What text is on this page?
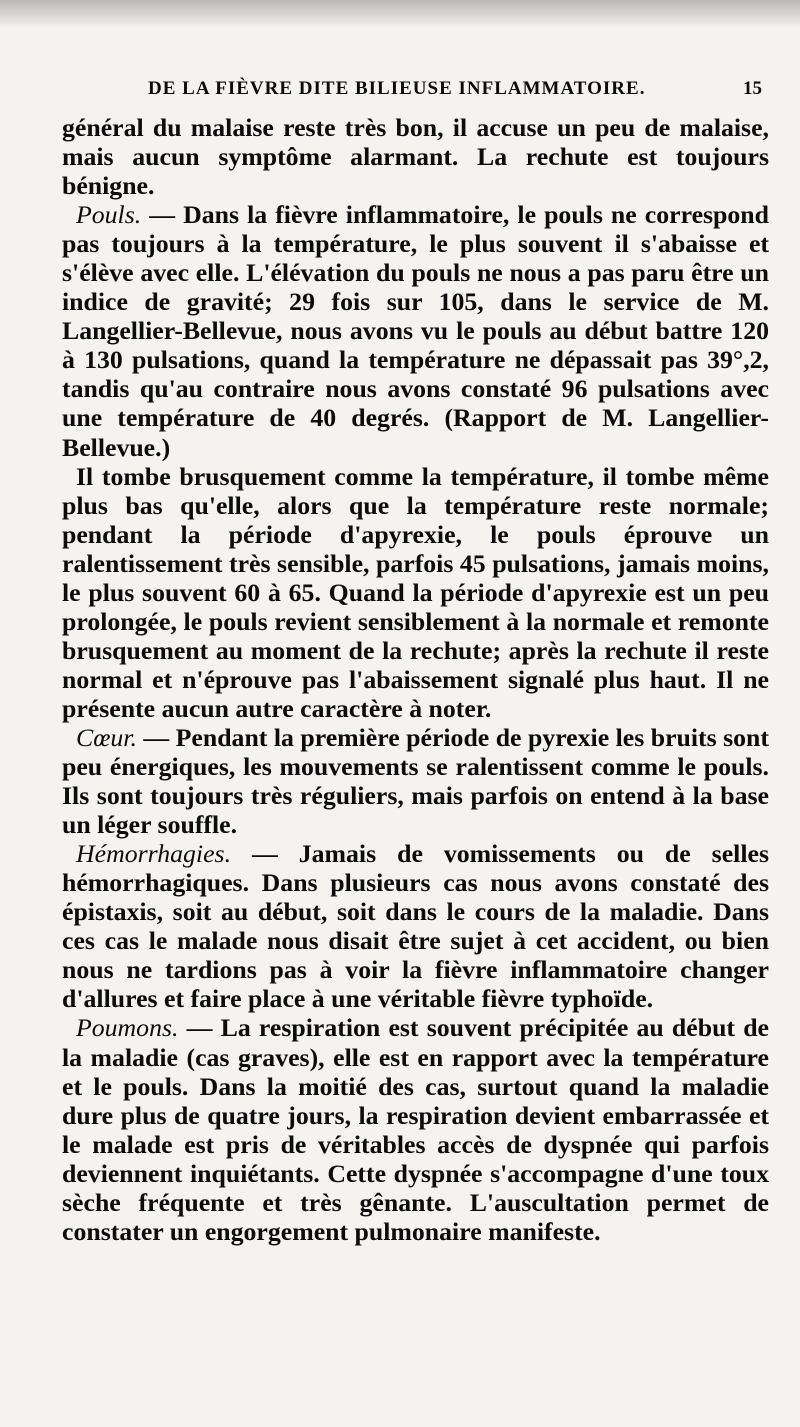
DE LA FIÈVRE DITE BILIEUSE INFLAMMATOIRE.	15

général du malaise reste très bon, il accuse un peu de malaise, mais aucun symptôme alarmant. La rechute est toujours bénigne.

Pouls. — Dans la fièvre inflammatoire, le pouls ne correspond pas toujours à la température, le plus souvent il s'abaisse et s'élève avec elle. L'élévation du pouls ne nous a pas paru être un indice de gravité; 29 fois sur 105, dans le service de M. Langellier-Bellevue, nous avons vu le pouls au début battre 120 à 130 pulsations, quand la température ne dépassait pas 39°,2, tandis qu'au contraire nous avons constaté 96 pulsations avec une température de 40 degrés. (Rapport de M. Langellier-Bellevue.)

Il tombe brusquement comme la température, il tombe même plus bas qu'elle, alors que la température reste normale; pendant la période d'apyrexie, le pouls éprouve un ralentissement très sensible, parfois 45 pulsations, jamais moins, le plus souvent 60 à 65. Quand la période d'apyrexie est un peu prolongée, le pouls revient sensiblement à la normale et remonte brusquement au moment de la rechute; après la rechute il reste normal et n'éprouve pas l'abaissement signalé plus haut. Il ne présente aucun autre caractère à noter.

Cœur. — Pendant la première période de pyrexie les bruits sont peu énergiques, les mouvements se ralentissent comme le pouls. Ils sont toujours très réguliers, mais parfois on entend à la base un léger souffle.

Hémorrhagies. — Jamais de vomissements ou de selles hémorrhagiques. Dans plusieurs cas nous avons constaté des épistaxis, soit au début, soit dans le cours de la maladie. Dans ces cas le malade nous disait être sujet à cet accident, ou bien nous ne tardions pas à voir la fièvre inflammatoire changer d'allures et faire place à une véritable fièvre typhoïde.

Poumons. — La respiration est souvent précipitée au début de la maladie (cas graves), elle est en rapport avec la température et le pouls. Dans la moitié des cas, surtout quand la maladie dure plus de quatre jours, la respiration devient embarrassée et le malade est pris de véritables accès de dyspnée qui parfois deviennent inquiétants. Cette dyspnée s'accompagne d'une toux sèche fréquente et très gênante. L'auscultation permet de constater un engorgement pulmonaire manifeste.
